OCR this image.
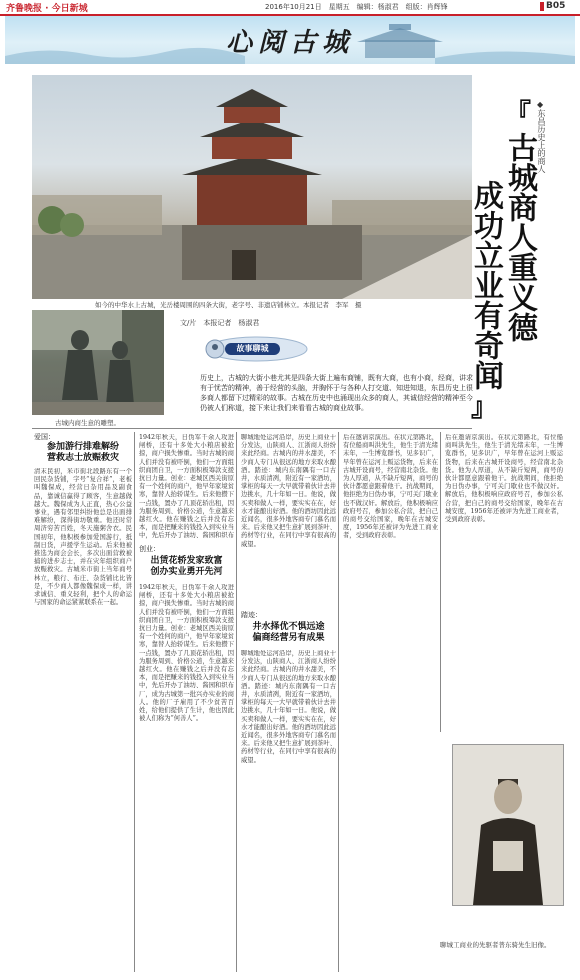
齐鲁晚报 · 今日新城	2016年10月21日　星期五　编辑：杨淑君　组版：肖辉锋	B05
心阅古城
如今的中华水上古城，光岳楼周围的四条大街，老字号、非遗店铺林立。本报记者　李军　摄
『
古城商人重义德
成功立业有奇闻
』
◆
东昌历史上的商人
古城内商生意的雕塑。
文/片　本报记者　杨淑君
故事聊城
历史上，古城的大街小巷尤其是四条大街上遍布商铺，既有大商，也有小商，经商，讲求有于忧苦的精神，善于经营的头脑，并胸怀于与各种人打交道、知进知退，东昌历史上很多商人都留下过精彩的故事。古城在历史中也涌现出众多的商人，其诚信经营的精神至今仍被人们称道，接下来让我们来看看古城的商业故事。
爱国：
参加游行排难解纷
营救志士放赈救灾
清末民初，米市街北段路东有一个回民杂货铺，字号“复合祥”，老板叫魏保成，经营日杂用品及副食品，靠诚信赢得了顾客，生意越做越大。魏保成为人正直，热心公益事业，遇有邻里纠纷他总是出面排难解纷，深得街坊敬重。他还时常周济穷苦百姓，冬天施粥舍衣。民国初年，他积极参加爱国游行，抵制日货，声援学生运动。后来他被推选为商会会长，多次出面营救被捕的进步志士，并在灾年组织商户放赈救灾。古城米市街上当年商号林立，粮行、布庄、杂货铺比比皆是，不少商人都像魏保成一样，讲求诚信、重义轻利，把个人的命运与国家的命运紧紧联系在一起。
1942年秋天，日伪军千余人攻进闸桥，还有十多处大小粮店被抢掠，商户损失惨重。当时古城的商人们并没有被吓倒，他们一方面组织商团自卫，一方面积极筹款支援抗日力量。创业：老城区西关街原有一个姓何的商户，他早年家境贫寒，靠替人抬轿谋生。后来他攒下一点钱，置办了几顶花轿出租，因为服务周到、价格公道，生意越来越红火。他在赚钱之后并没有忘本，而是把赚来的钱投入到实业当中，先后开办了油坊、酱园和织布
创业：
出赁花轿发家致富
创办实业勇开先河
1942年秋天，日伪军千余人攻进闸桥，还有十多处大小粮店被抢掠，商户损失惨重。当时古城的商人们并没有被吓倒，他们一方面组织商团自卫，一方面积极筹款支援抗日力量。创业：老城区西关街原有一个姓何的商户，他早年家境贫寒，靠替人抬轿谋生。后来他攒下一点钱，置办了几顶花轿出租，因为服务周到、价格公道，生意越来越红火。他在赚钱之后并没有忘本，而是把赚来的钱投入到实业当中，先后开办了油坊、酱园和织布厂，成为古城第一批兴办实业的商人。他的厂子雇用了不少贫苦百姓，给他们提供了生计，他也因此被人们称为“何善人”。
聊城地处运河沿岸，历史上商业十分发达，山陕商人、江浙商人纷纷来此经商。古城内的井水甜美，不少商人专门从很远的地方来取水酿酒。踏迹：城内东南隅有一口古井，水质清冽，附近有一家酒坊，掌柜的每天一大早就带着伙计去井边挑水，几十年如一日。他说，做买卖和做人一样，要实实在在，好水才能酿出好酒。他的酒坊因此远近闻名，很多外地客商专门慕名而来。后来他又把生意扩展到茶叶、药材等行业，在同行中享有很高的威望。
踏迹：
井水择优不惧远途
偏商经营另有成果
聊城地处运河沿岸，历史上商业十分发达，山陕商人、江浙商人纷纷来此经商。古城内的井水甜美，不少商人专门从很远的地方来取水酿酒。踏迹：城内东南隅有一口古井，水质清冽，附近有一家酒坊，掌柜的每天一大早就带着伙计去井边挑水，几十年如一日。他说，做买卖和做人一样，要实实在在，好水才能酿出好酒。他的酒坊因此远近闻名，很多外地客商专门慕名而来。后来他又把生意扩展到茶叶、药材等行业，在同行中享有很高的威望。
后在邀请京演出。在状元第路北，有位船商叫洪先生，他生于清光绪末年，一生博览群书，见多识广，早年曾在运河上贩运货物，后来在古城开设商号，经营南北杂货。他为人厚道，从不缺斤短两，商号的伙计都愿意跟着他干。抗战期间，他拒绝为日伪办事，宁可关门歇业也不做汉奸。解放后，他积极响应政府号召，参加公私合营，把自己的商号交给国家，晚年在古城安度，1956年还被评为先进工商业者，受到政府表彰。
后在邀请京演出。在状元第路北，有位船商叫洪先生，他生于清光绪末年，一生博览群书，见多识广，早年曾在运河上贩运货物，后来在古城开设商号，经营南北杂货。他为人厚道，从不缺斤短两，商号的伙计都愿意跟着他干。抗战期间，他拒绝为日伪办事，宁可关门歇业也不做汉奸。解放后，他积极响应政府号召，参加公私合营，把自己的商号交给国家，晚年在古城安度，1956年还被评为先进工商业者，受到政府表彰。
聊城工商业的先驱者普东骑先生旧像。
